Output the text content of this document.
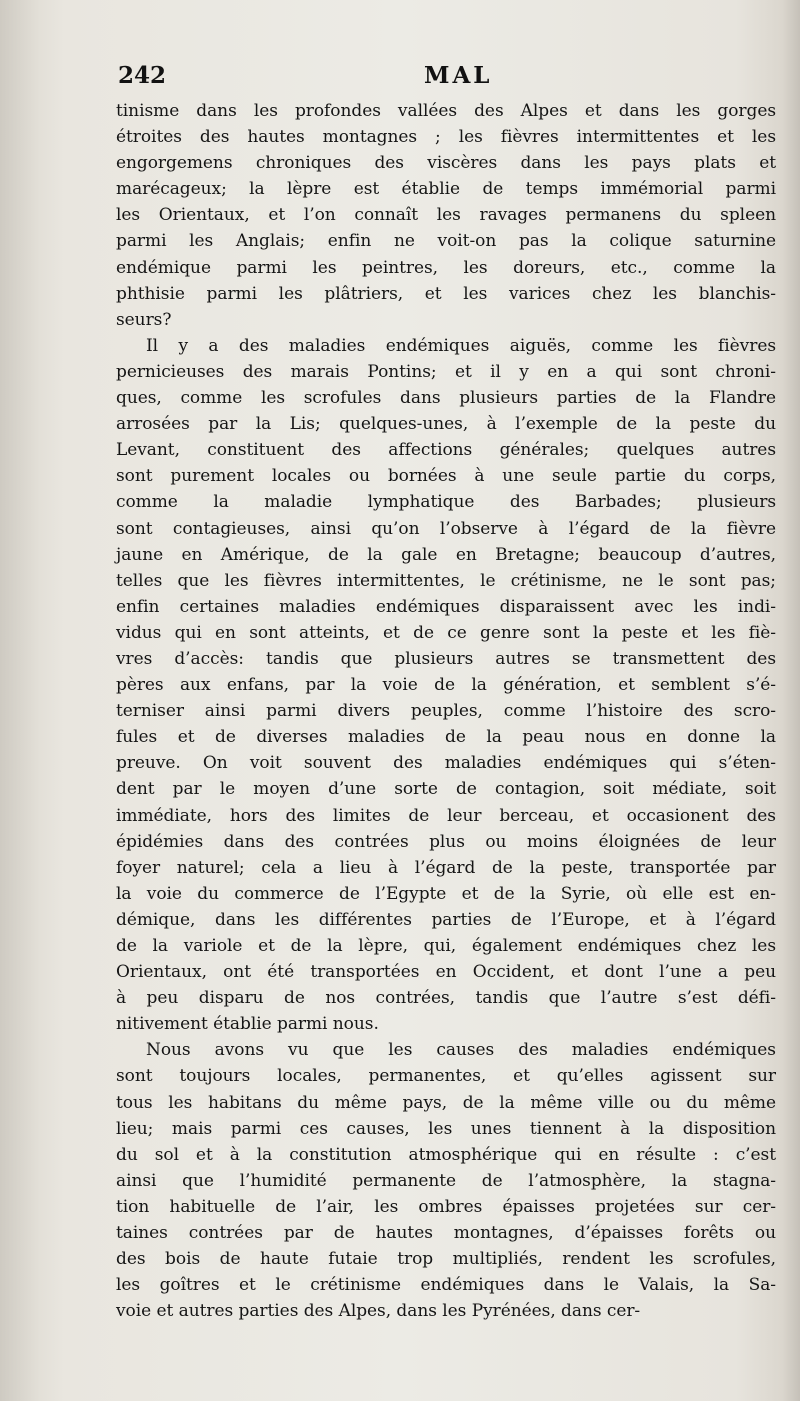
242	MAL
tinisme dans les profondes vallées des Alpes et dans les gorges
étroites des hautes montagnes ; les fièvres intermittentes et les
engorgemens chroniques des viscères dans les pays plats et
marécageux; la lèpre est établie de temps immémorial parmi
les Orientaux, et l’on connaît les ravages permanens du spleen
parmi les Anglais; enfin ne voit-on pas la colique saturnine
endémique parmi les peintres, les doreurs, etc., comme la
phthisie parmi les plâtriers, et les varices chez les blanchis-
seurs?
Il y a des maladies endémiques aiguës, comme les fièvres
pernicieuses des marais Pontins; et il y en a qui sont chroni-
ques, comme les scrofules dans plusieurs parties de la Flandre
arrosées par la Lis; quelques-unes, à l’exemple de la peste du
Levant, constituent des affections générales; quelques autres
sont purement locales ou bornées à une seule partie du corps,
comme la maladie lymphatique des Barbades; plusieurs
sont contagieuses, ainsi qu’on l’observe à l’égard de la fièvre
jaune en Amérique, de la gale en Bretagne; beaucoup d’autres,
telles que les fièvres intermittentes, le crétinisme, ne le sont pas;
enfin certaines maladies endémiques disparaissent avec les indi-
vidus qui en sont atteints, et de ce genre sont la peste et les fiè-
vres d’accès: tandis que plusieurs autres se transmettent des
pères aux enfans, par la voie de la génération, et semblent s’é-
terniser ainsi parmi divers peuples, comme l’histoire des scro-
fules et de diverses maladies de la peau nous en donne la
preuve. On voit souvent des maladies endémiques qui s’éten-
dent par le moyen d’une sorte de contagion, soit médiate, soit
immédiate, hors des limites de leur berceau, et occasionent des
épidémies dans des contrées plus ou moins éloignées de leur
foyer naturel; cela a lieu à l’égard de la peste, transportée par
la voie du commerce de l’Egypte et de la Syrie, où elle est en-
démique, dans les différentes parties de l’Europe, et à l’égard
de la variole et de la lèpre, qui, également endémiques chez les
Orientaux, ont été transportées en Occident, et dont l’une a peu
à peu disparu de nos contrées, tandis que l’autre s’est défi-
nitivement établie parmi nous.
Nous avons vu que les causes des maladies endémiques
sont toujours locales, permanentes, et qu’elles agissent sur
tous les habitans du même pays, de la même ville ou du même
lieu; mais parmi ces causes, les unes tiennent à la disposition
du sol et à la constitution atmosphérique qui en résulte : c’est
ainsi que l’humidité permanente de l’atmosphère, la stagna-
tion habituelle de l’air, les ombres épaisses projetées sur cer-
taines contrées par de hautes montagnes, d’épaisses forêts ou
des bois de haute futaie trop multipliés, rendent les scrofules,
les goîtres et le crétinisme endémiques dans le Valais, la Sa-
voie et autres parties des Alpes, dans les Pyrénées, dans cer-
